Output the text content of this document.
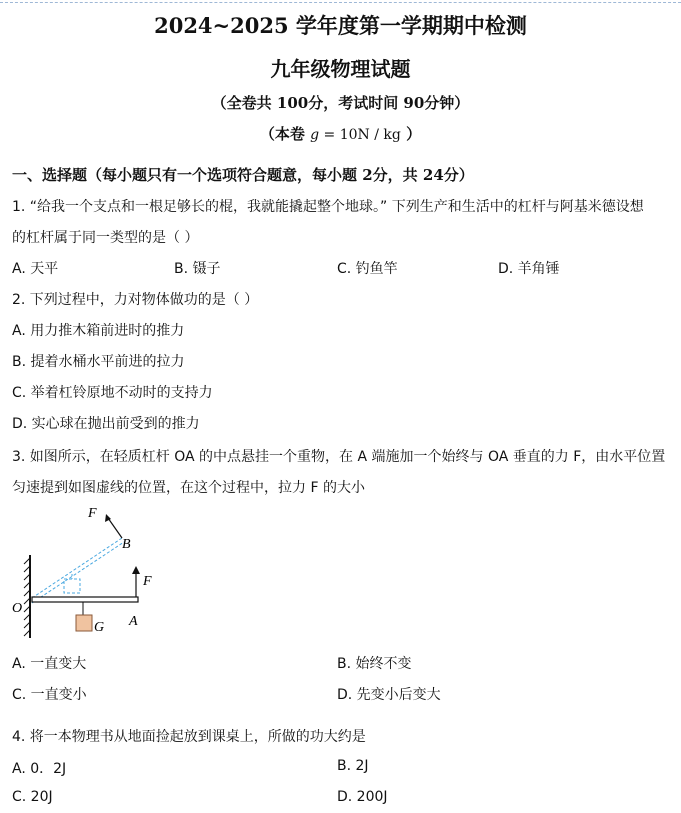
2024~2025 学年度第一学期期中检测
九年级物理试题
（全卷共 100分，考试时间 90分钟）
（本卷 g = 10N / kg ）
一、选择题（每小题只有一个选项符合题意，每小题 2分，共 24分）
1. “给我一个支点和一根足够长的棍，我就能撬起整个地球。” 下列生产和生活中的杠杆与阿基米德设想
的杠杆属于同一类型的是（ ）
A. 天平	B. 镊子	C. 钓鱼竿	D. 羊角锤
2. 下列过程中，力对物体做功的是（ ）
A. 用力推木箱前进时的推力
B. 提着水桶水平前进的拉力
C. 举着杠铃原地不动时的支持力
D. 实心球在抛出前受到的推力
3. 如图所示，在轻质杠杆 OA 的中点悬挂一个重物，在 A 端施加一个始终与 OA 垂直的力 F，由水平位置
匀速提到如图虚线的位置，在这个过程中，拉力 F 的大小
F
B
F
O
G A
A. 一直变大	B. 始终不变
C. 一直变小	D. 先变小后变大
4. 将一本物理书从地面捡起放到课桌上，所做的功大约是
A. 0．2J	B. 2J
C. 20J	D. 200J
